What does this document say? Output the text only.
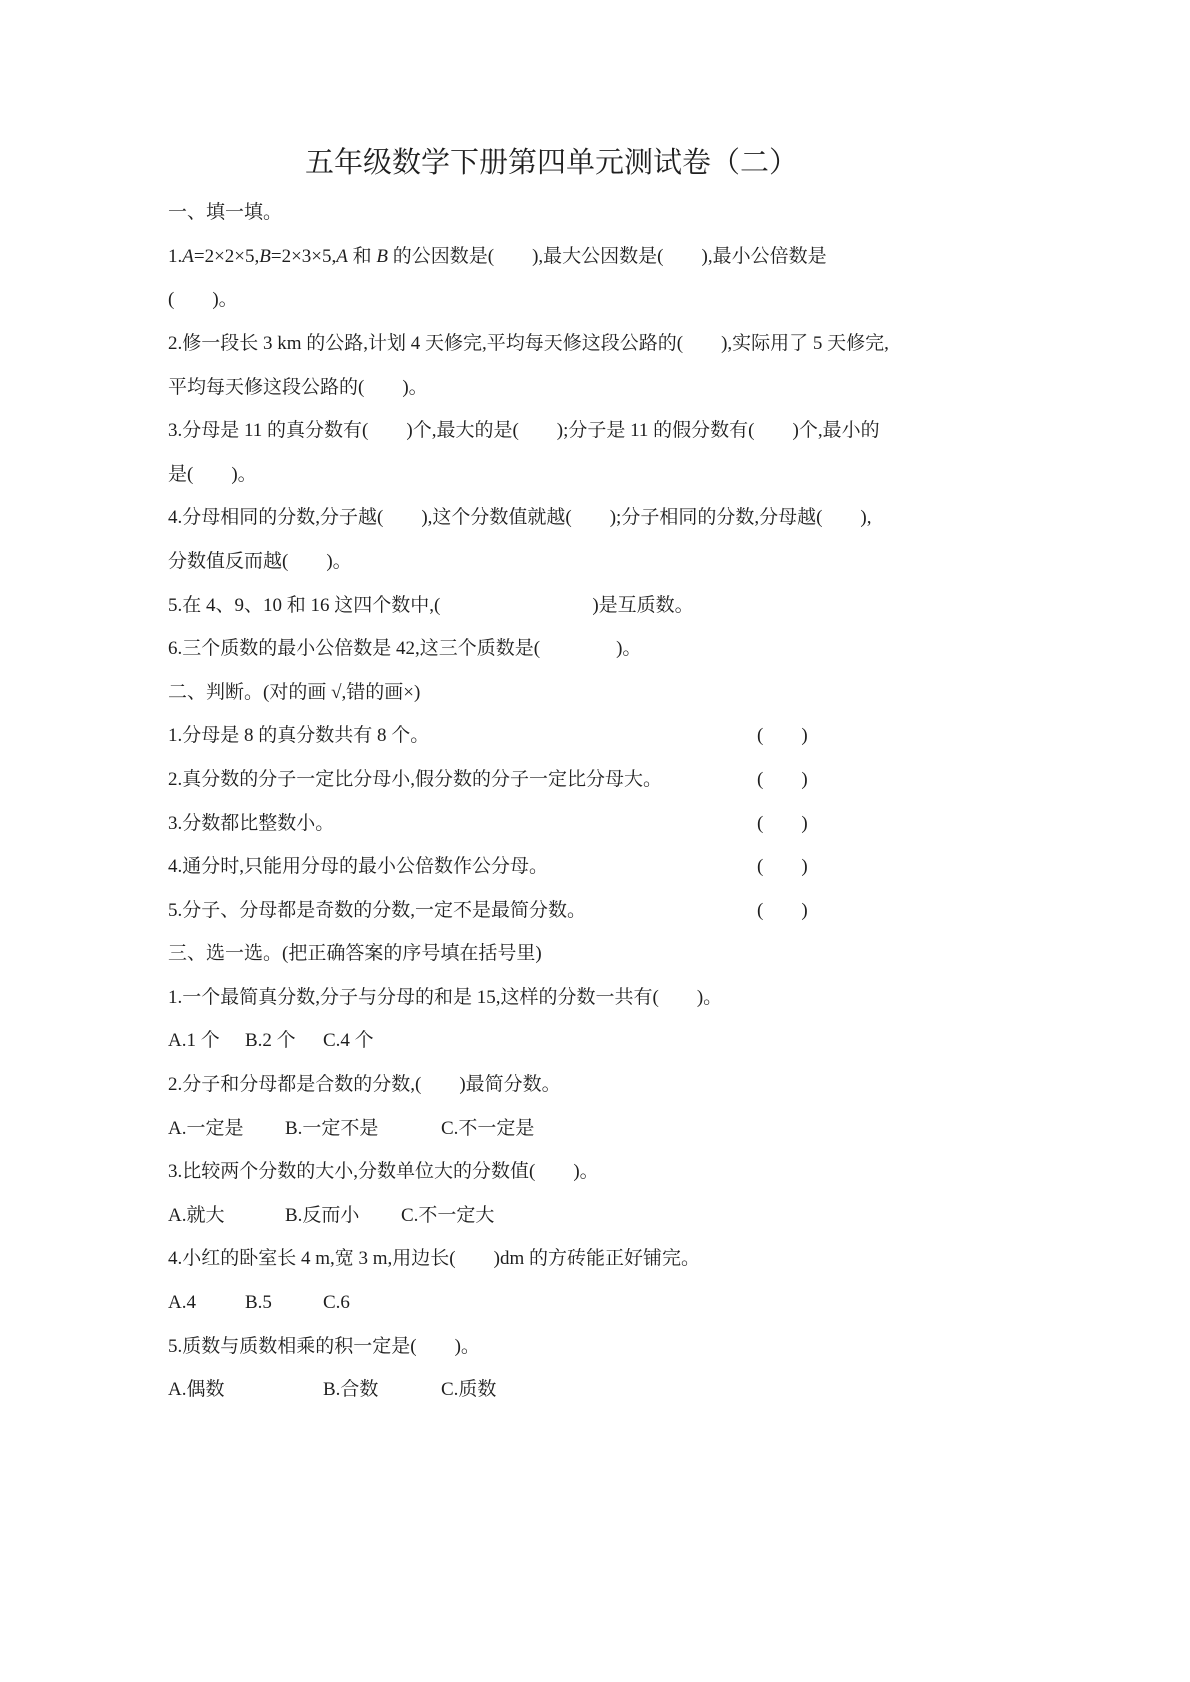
五年级数学下册第四单元测试卷（二）
一、填一填。
1.A=2×2×5,B=2×3×5,A 和 B 的公因数是(　　),最大公因数是(　　),最小公倍数是
(　　)。
2.修一段长 3 km 的公路,计划 4 天修完,平均每天修这段公路的(　　),实际用了 5 天修完,
平均每天修这段公路的(　　)。
3.分母是 11 的真分数有(　　)个,最大的是(　　);分子是 11 的假分数有(　　)个,最小的
是(　　)。
4.分母相同的分数,分子越(　　),这个分数值就越(　　);分子相同的分数,分母越(　　),
分数值反而越(　　)。
5.在 4、9、10 和 16 这四个数中,(　　　　　　　　)是互质数。
6.三个质数的最小公倍数是 42,这三个质数是(　　　　)。
二、判断。(对的画 √,错的画×)
1.分母是 8 的真分数共有 8 个。	(　　)
2.真分数的分子一定比分母小,假分数的分子一定比分母大。	(　　)
3.分数都比整数小。	(　　)
4.通分时,只能用分母的最小公倍数作公分母。	(　　)
5.分子、分母都是奇数的分数,一定不是最简分数。	(　　)
三、选一选。(把正确答案的序号填在括号里)
1.一个最简真分数,分子与分母的和是 15,这样的分数一共有(　　)。
A.1 个 B.2 个 C.4 个
2.分子和分母都是合数的分数,(　　)最简分数。
A.一定是 B.一定不是	C.不一定是
3.比较两个分数的大小,分数单位大的分数值(　　)。
A.就大	B.反而小 C.不一定大
4.小红的卧室长 4 m,宽 3 m,用边长(　　)dm 的方砖能正好铺完。
A.4	B.5	C.6
5.质数与质数相乘的积一定是(　　)。
A.偶数	B.合数	C.质数
